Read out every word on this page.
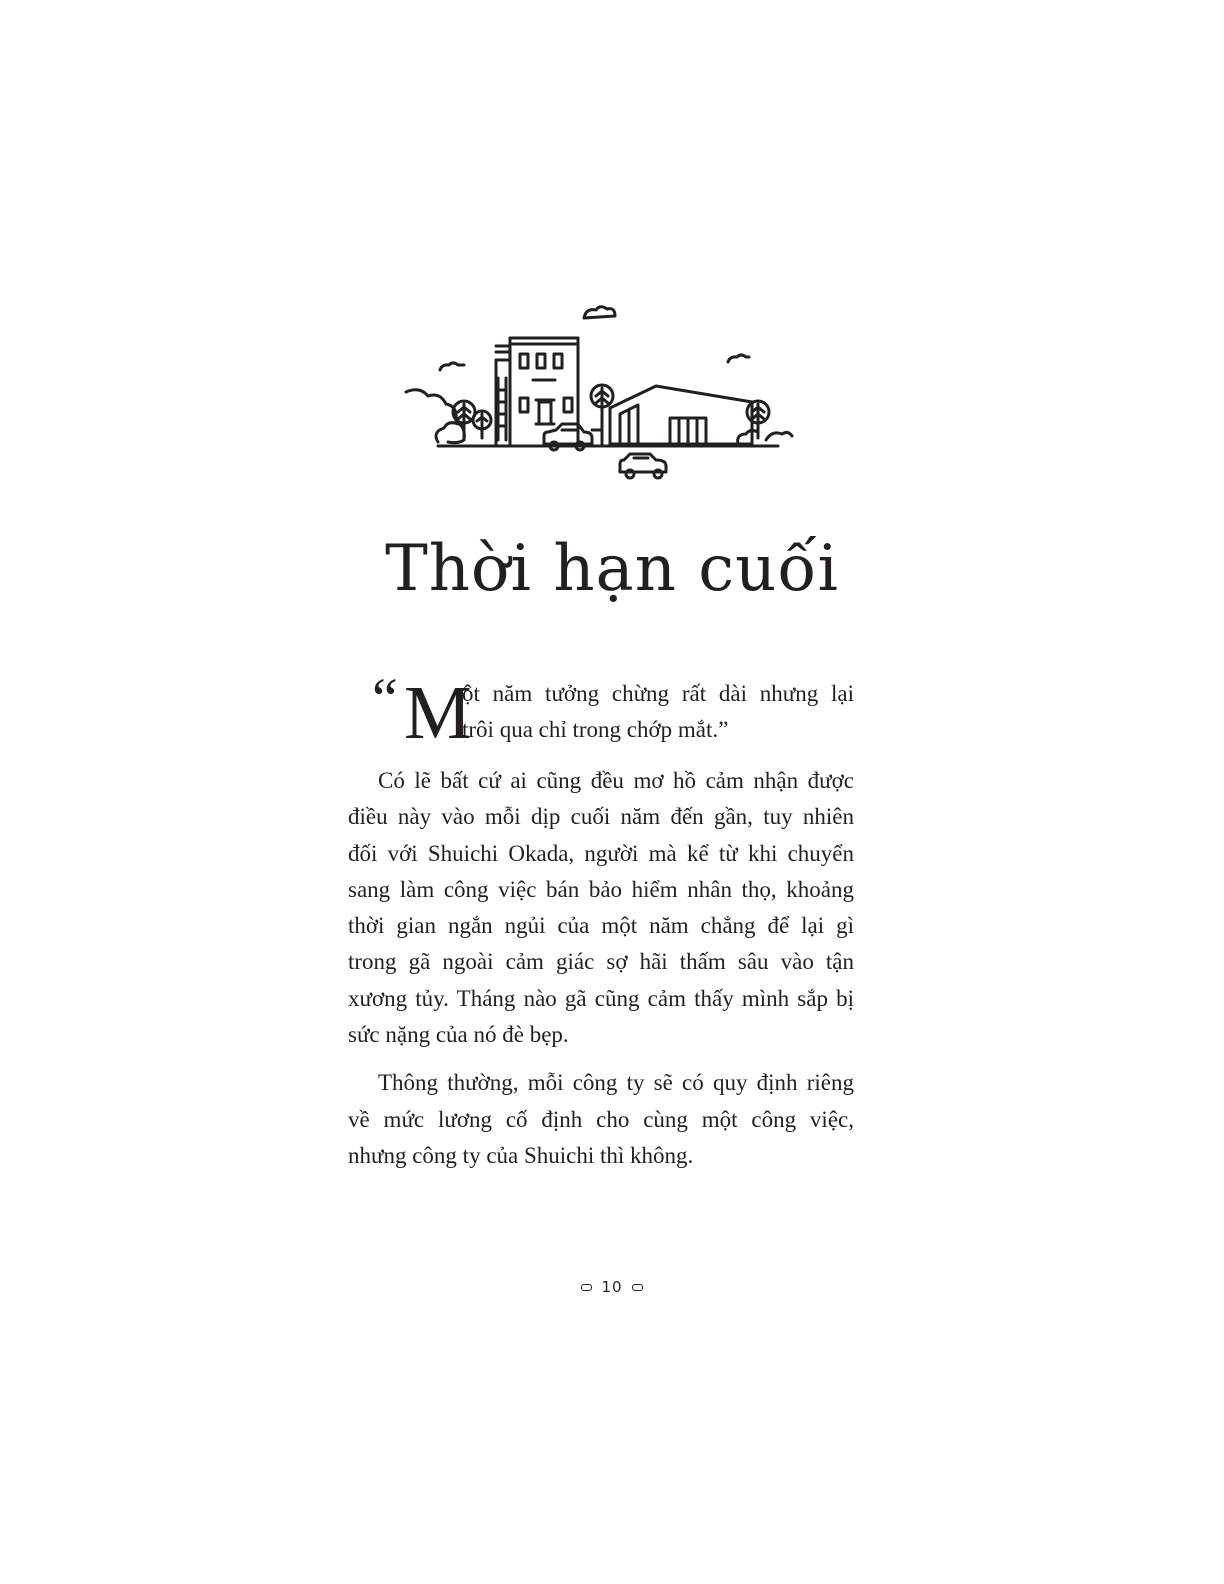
Thời hạn cuối
“ M
ột năm tưởng chừng rất dài nhưng lại
trôi qua chỉ trong chớp mắt.”
Có lẽ bất cứ ai cũng đều mơ hồ cảm nhận được
điều này vào mỗi dịp cuối năm đến gần, tuy nhiên
đối với Shuichi Okada, người mà kể từ khi chuyển
sang làm công việc bán bảo hiểm nhân thọ, khoảng
thời gian ngắn ngủi của một năm chẳng để lại gì
trong gã ngoài cảm giác sợ hãi thấm sâu vào tận
xương tủy. Tháng nào gã cũng cảm thấy mình sắp bị
sức nặng của nó đè bẹp.
Thông thường, mỗi công ty sẽ có quy định riêng
về mức lương cố định cho cùng một công việc,
nhưng công ty của Shuichi thì không.
10
